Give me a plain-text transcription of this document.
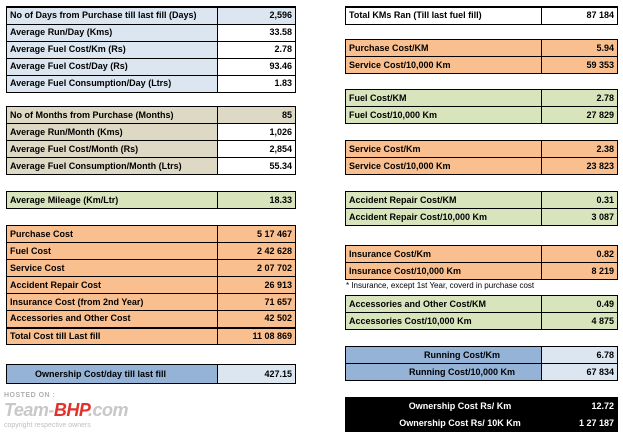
No of Days from Purchase till last fill (Days)	2,596
Average Run/Day (Kms)	33.58
Average Fuel Cost/Km (Rs)	2.78
Average Fuel Cost/Day (Rs)	93.46
Average Fuel Consumption/Day (Ltrs)	1.83
No of Months from Purchase (Months)	85
Average Run/Month (Kms)	1,026
Average Fuel Cost/Month (Rs)	2,854
Average Fuel Consumption/Month (Ltrs)	55.34
Average Mileage (Km/Ltr)	18.33
Purchase Cost	5 17 467
Fuel Cost	2 42 628
Service Cost	2 07 702
Accident Repair Cost	26 913
Insurance Cost (from 2nd Year)	71 657
Accessories and Other Cost	42 502
Total Cost till Last fill	11 08 869
Ownership Cost/day till last fill	427.15
Total KMs Ran (Till last fuel fill)	87 184
Purchase Cost/KM	5.94
Service Cost/10,000 Km	59 353
Fuel Cost/KM	2.78
Fuel Cost/10,000 Km	27 829
Service Cost/Km	2.38
Service Cost/10,000 Km	23 823
Accident Repair Cost/KM	0.31
Accident Repair Cost/10,000 Km	3 087
Insurance Cost/Km	0.82
Insurance Cost/10,000 Km	8 219
* Insurance, except 1st Year, coverd in purchase cost
Accessories and Other Cost/KM	0.49
Accessories Cost/10,000 Km	4 875
Running Cost/Km	6.78
Running Cost/10,000 Km	67 834
Ownership Cost Rs/ Km	12.72
Ownership Cost Rs/ 10K Km	1 27 187
HOSTED ON :
Team-BHP.com
copyright respective owners
